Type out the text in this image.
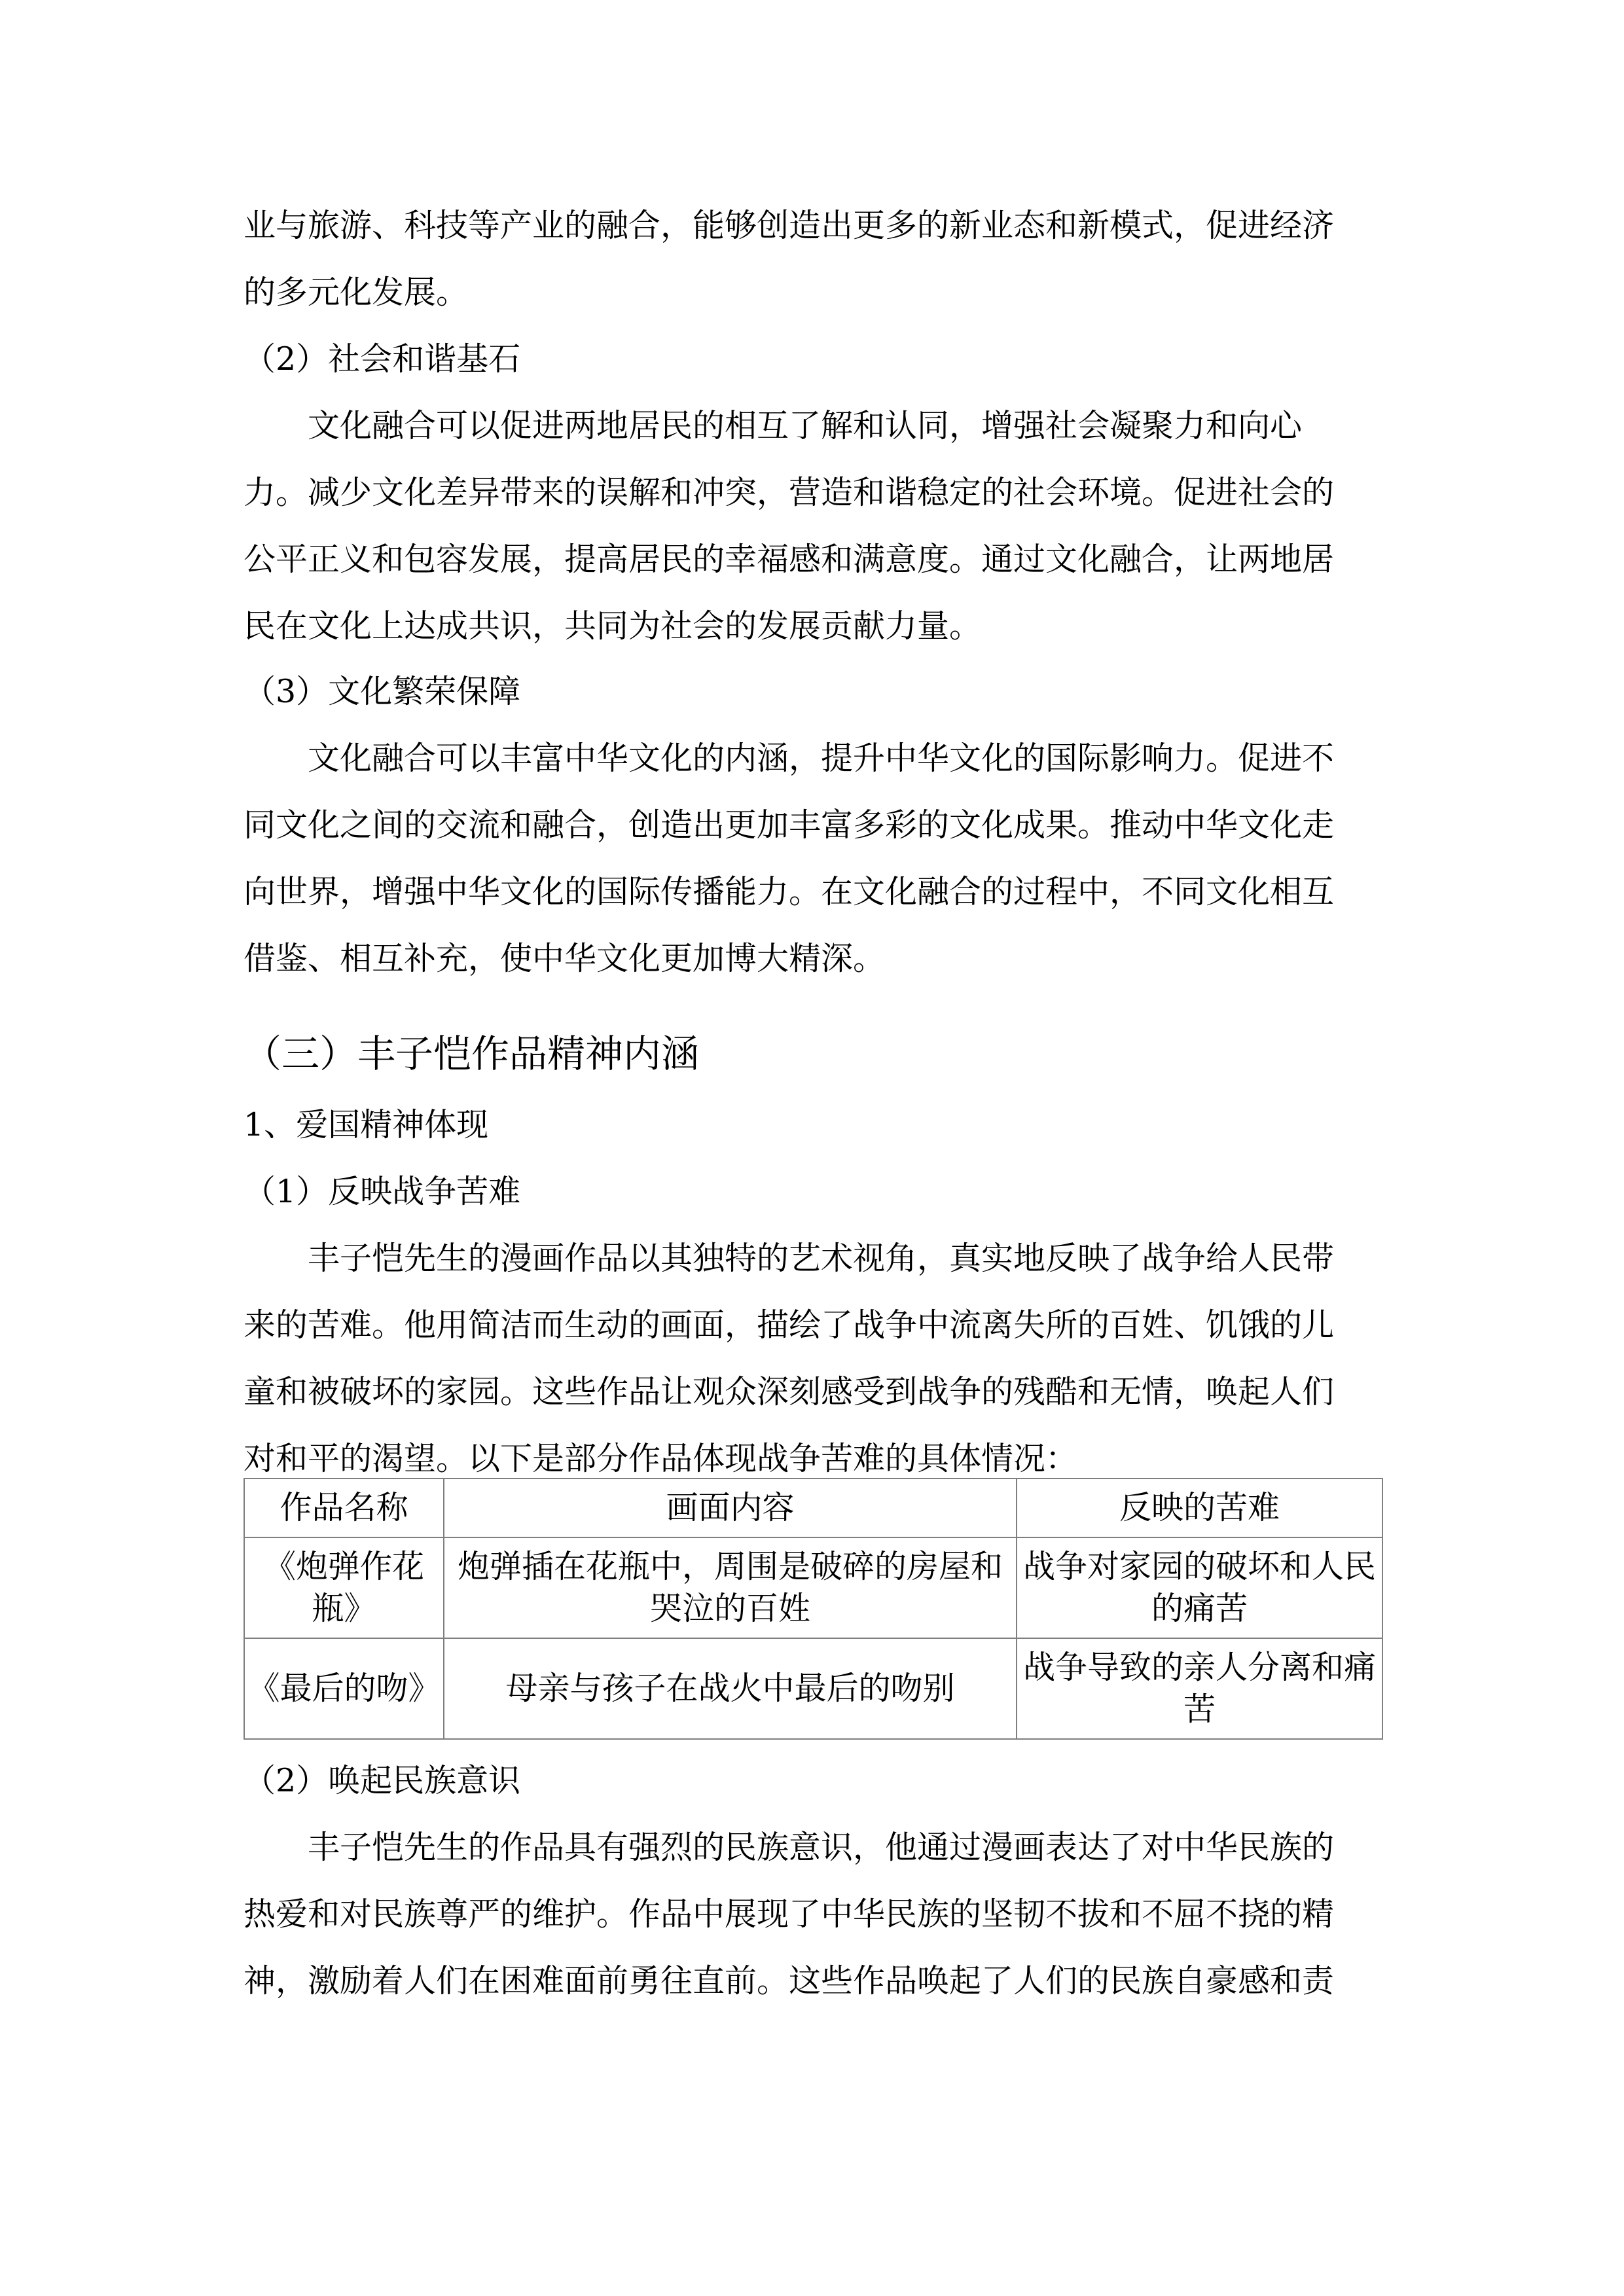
业与旅游、科技等产业的融合，能够创造出更多的新业态和新模式，促进经济

的多元化发展。

（2）社会和谐基石

文化融合可以促进两地居民的相互了解和认同，增强社会凝聚力和向心

力。减少文化差异带来的误解和冲突，营造和谐稳定的社会环境。促进社会的

公平正义和包容发展，提高居民的幸福感和满意度。通过文化融合，让两地居

民在文化上达成共识，共同为社会的发展贡献力量。

（3）文化繁荣保障

文化融合可以丰富中华文化的内涵，提升中华文化的国际影响力。促进不

同文化之间的交流和融合，创造出更加丰富多彩的文化成果。推动中华文化走

向世界，增强中华文化的国际传播能力。在文化融合的过程中，不同文化相互

借鉴、相互补充，使中华文化更加博大精深。

（三）丰子恺作品精神内涵

1、爱国精神体现

（1）反映战争苦难

丰子恺先生的漫画作品以其独特的艺术视角，真实地反映了战争给人民带

来的苦难。他用简洁而生动的画面，描绘了战争中流离失所的百姓、饥饿的儿

童和被破坏的家园。这些作品让观众深刻感受到战争的残酷和无情，唤起人们

对和平的渴望。以下是部分作品体现战争苦难的具体情况：

作品名称	画面内容	反映的苦难
《炮弹作花瓶》	炮弹插在花瓶中，周围是破碎的房屋和哭泣的百姓	战争对家园的破坏和人民的痛苦
《最后的吻》	母亲与孩子在战火中最后的吻别	战争导致的亲人分离和痛苦

（2）唤起民族意识

丰子恺先生的作品具有强烈的民族意识，他通过漫画表达了对中华民族的

热爱和对民族尊严的维护。作品中展现了中华民族的坚韧不拔和不屈不挠的精

神，激励着人们在困难面前勇往直前。这些作品唤起了人们的民族自豪感和责
